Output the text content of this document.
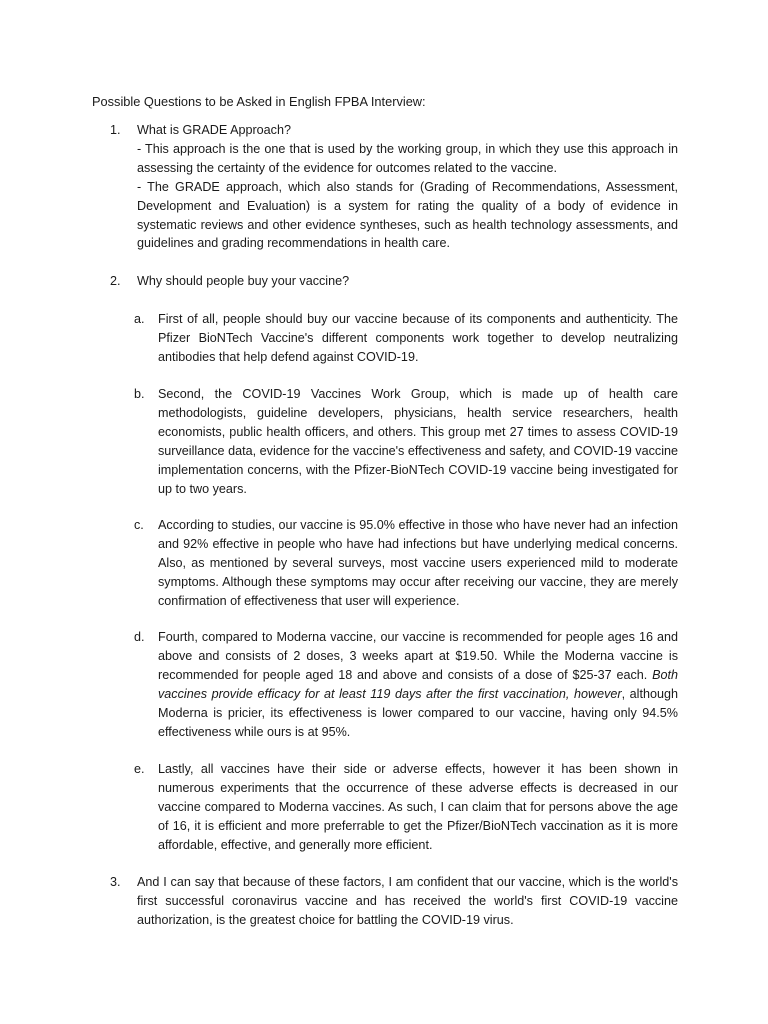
Possible Questions to be Asked in English FPBA Interview:
1. What is GRADE Approach?

- This approach is the one that is used by the working group, in which they use this approach in assessing the certainty of the evidence for outcomes related to the vaccine.

- The GRADE approach, which also stands for (Grading of Recommendations, Assessment, Development and Evaluation) is a system for rating the quality of a body of evidence in systematic reviews and other evidence syntheses, such as health technology assessments, and guidelines and grading recommendations in health care.

2. Why should people buy your vaccine?

a. First of all, people should buy our vaccine because of its components and authenticity. The Pfizer BioNTech Vaccine's different components work together to develop neutralizing antibodies that help defend against COVID-19.
b. Second, the COVID-19 Vaccines Work Group, which is made up of health care methodologists, guideline developers, physicians, health service researchers, health economists, public health officers, and others. This group met 27 times to assess COVID-19 surveillance data, evidence for the vaccine's effectiveness and safety, and COVID-19 vaccine implementation concerns, with the Pfizer-BioNTech COVID-19 vaccine being investigated for up to two years.
c. According to studies, our vaccine is 95.0% effective in those who have never had an infection and 92% effective in people who have had infections but have underlying medical concerns. Also, as mentioned by several surveys, most vaccine users experienced mild to moderate symptoms. Although these symptoms may occur after receiving our vaccine, they are merely confirmation of effectiveness that user will experience.
d. Fourth, compared to Moderna vaccine, our vaccine is recommended for people ages 16 and above and consists of 2 doses, 3 weeks apart at $19.50. While the Moderna vaccine is recommended for people aged 18 and above and consists of a dose of $25-37 each. Both vaccines provide efficacy for at least 119 days after the first vaccination, however, although Moderna is pricier, its effectiveness is lower compared to our vaccine, having only 94.5% effectiveness while ours is at 95%.
e. Lastly, all vaccines have their side or adverse effects, however it has been shown in numerous experiments that the occurrence of these adverse effects is decreased in our vaccine compared to Moderna vaccines. As such, I can claim that for persons above the age of 16, it is efficient and more preferrable to get the Pfizer/BioNTech vaccination as it is more affordable, effective, and generally more efficient.
3. And I can say that because of these factors, I am confident that our vaccine, which is the world's first successful coronavirus vaccine and has received the world's first COVID-19 vaccine authorization, is the greatest choice for battling the COVID-19 virus.
